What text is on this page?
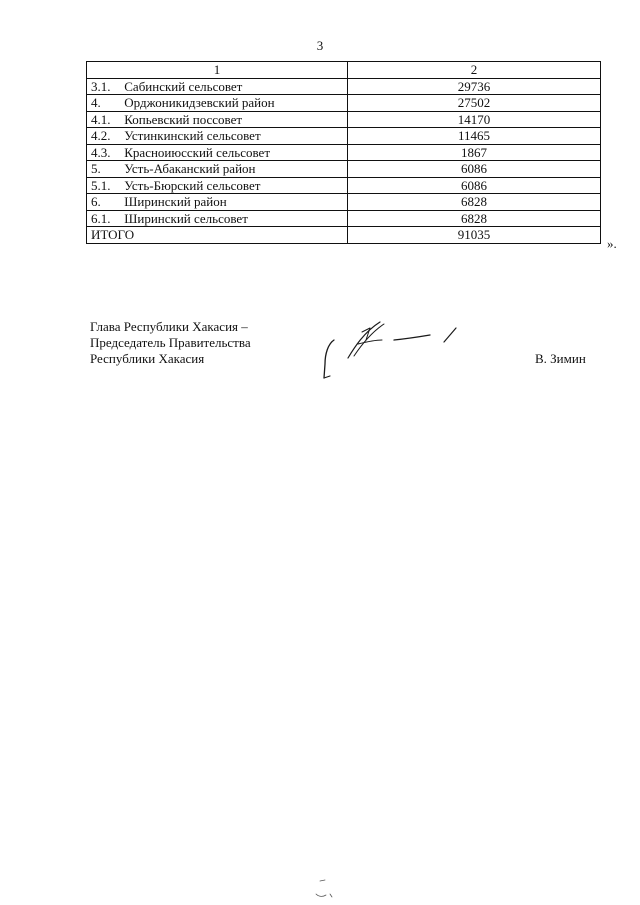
3
1	2
3.1. Сабинский сельсовет	29736
4. Орджоникидзевский район	27502
4.1. Копьевский поссовет	14170
4.2. Устинкинский сельсовет	11465
4.3. Красноиюсский сельсовет	1867
5. Усть-Абаканский район	6086
5.1. Усть-Бюрский сельсовет	6086
6. Ширинский район	6828
6.1. Ширинский сельсовет	6828
ИТОГО	91035
».
Глава Республики Хакасия –
Председатель Правительства
Республики Хакасия	В. Зимин
